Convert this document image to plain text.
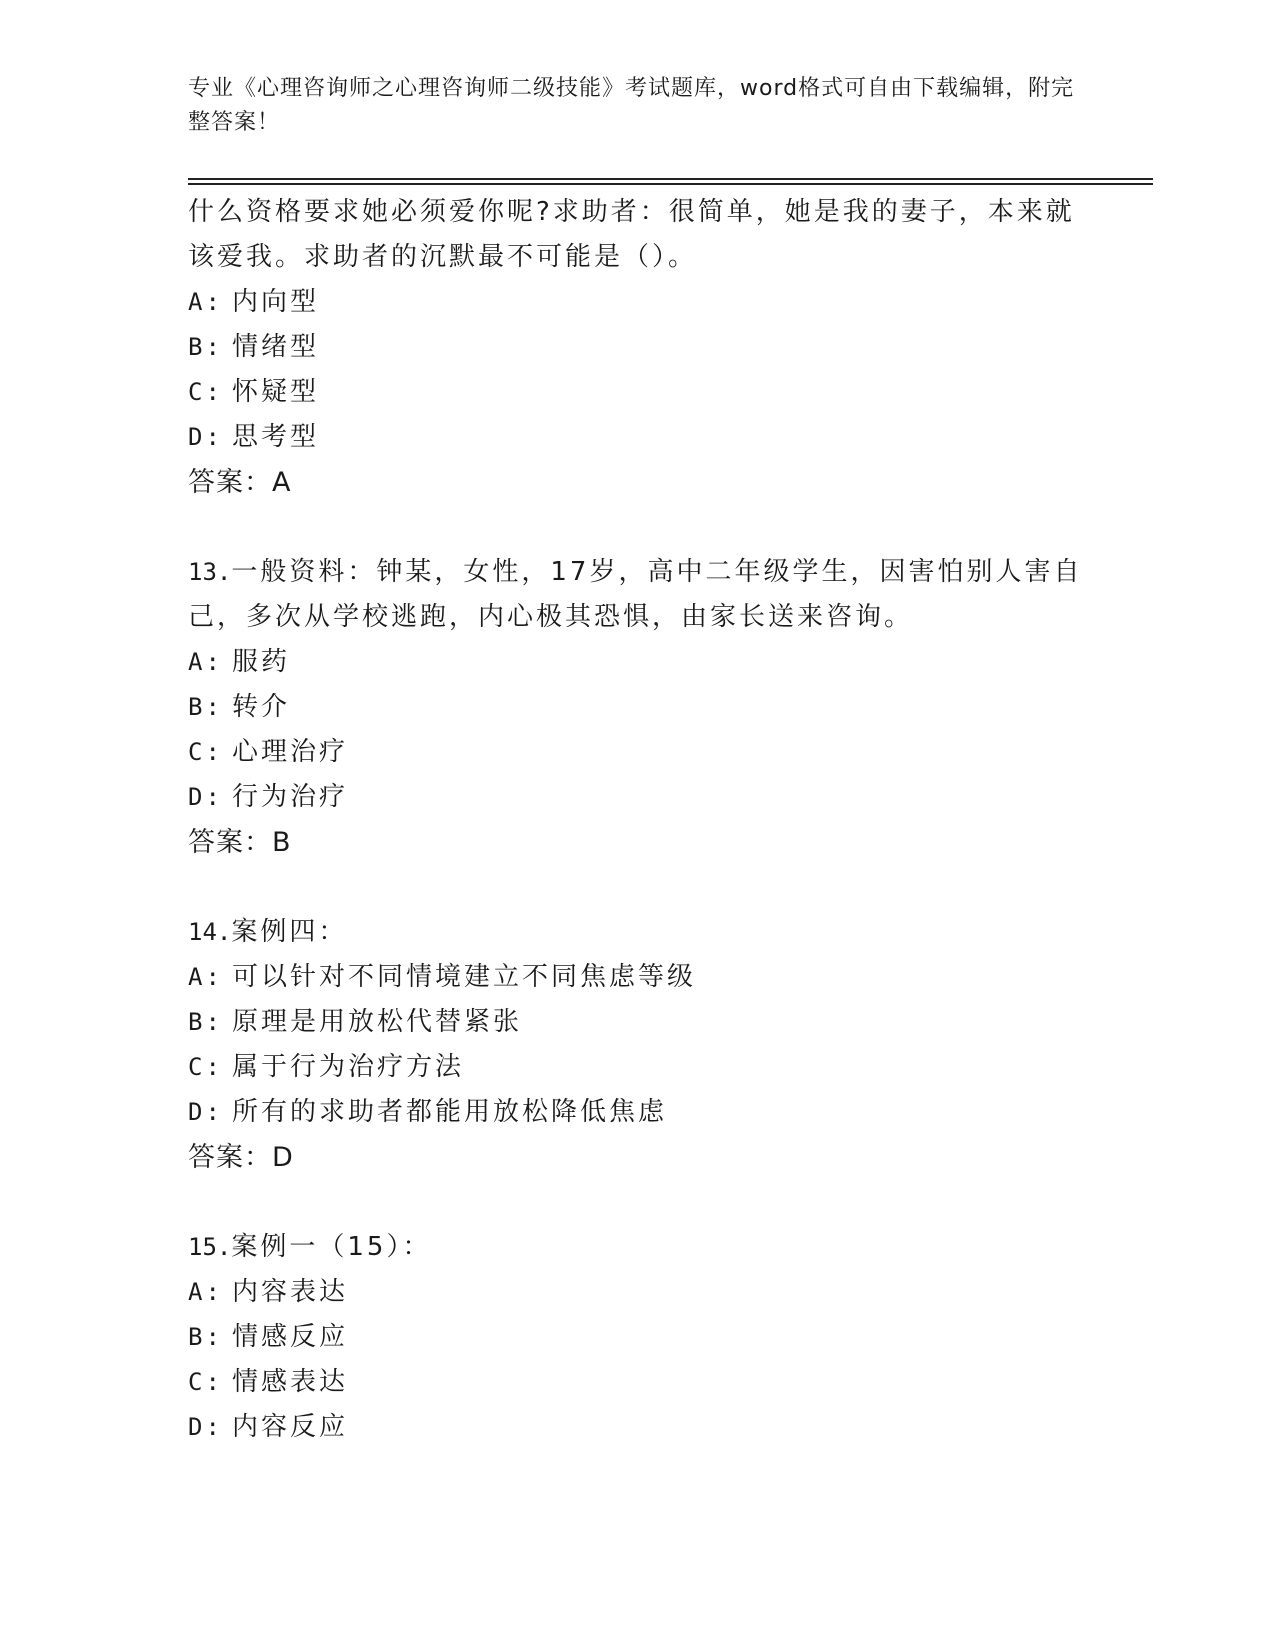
专业《心理咨询师之心理咨询师二级技能》考试题库，word格式可自由下载编辑，附完整答案！
什么资格要求她必须爱你呢?求助者：很简单，她是我的妻子，本来就该爱我。求助者的沉默最不可能是（）。
A: 内向型
B: 情绪型
C: 怀疑型
D: 思考型
答案：A
13.一般资料：钟某，女性，17岁，高中二年级学生，因害怕别人害自己，多次从学校逃跑，内心极其恐惧，由家长送来咨询。
A: 服药
B: 转介
C: 心理治疗
D: 行为治疗
答案：B
14.案例四：
A: 可以针对不同情境建立不同焦虑等级
B: 原理是用放松代替紧张
C: 属于行为治疗方法
D: 所有的求助者都能用放松降低焦虑
答案：D
15.案例一（15）：
A: 内容表达
B: 情感反应
C: 情感表达
D: 内容反应
